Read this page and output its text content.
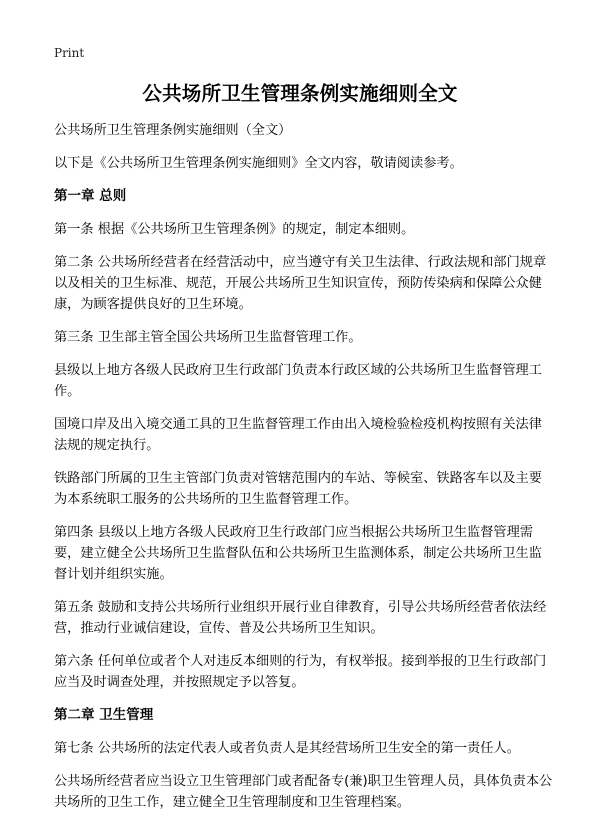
Print
公共场所卫生管理条例实施细则全文

公共场所卫生管理条例实施细则（全文）

以下是《公共场所卫生管理条例实施细则》全文内容，敬请阅读参考。

第一章 总则

第一条 根据《公共场所卫生管理条例》的规定，制定本细则。

第二条 公共场所经营者在经营活动中，应当遵守有关卫生法律、行政法规和部门规章以及相关的卫生标准、规范，开展公共场所卫生知识宣传，预防传染病和保障公众健康，为顾客提供良好的卫生环境。

第三条 卫生部主管全国公共场所卫生监督管理工作。

县级以上地方各级人民政府卫生行政部门负责本行政区域的公共场所卫生监督管理工作。

国境口岸及出入境交通工具的卫生监督管理工作由出入境检验检疫机构按照有关法律法规的规定执行。

铁路部门所属的卫生主管部门负责对管辖范围内的车站、等候室、铁路客车以及主要为本系统职工服务的公共场所的卫生监督管理工作。

第四条 县级以上地方各级人民政府卫生行政部门应当根据公共场所卫生监督管理需要，建立健全公共场所卫生监督队伍和公共场所卫生监测体系，制定公共场所卫生监督计划并组织实施。

第五条 鼓励和支持公共场所行业组织开展行业自律教育，引导公共场所经营者依法经营，推动行业诚信建设，宣传、普及公共场所卫生知识。

第六条 任何单位或者个人对违反本细则的行为，有权举报。接到举报的卫生行政部门应当及时调查处理，并按照规定予以答复。

第二章 卫生管理

第七条 公共场所的法定代表人或者负责人是其经营场所卫生安全的第一责任人。

公共场所经营者应当设立卫生管理部门或者配备专(兼)职卫生管理人员，具体负责本公共场所的卫生工作，建立健全卫生管理制度和卫生管理档案。
